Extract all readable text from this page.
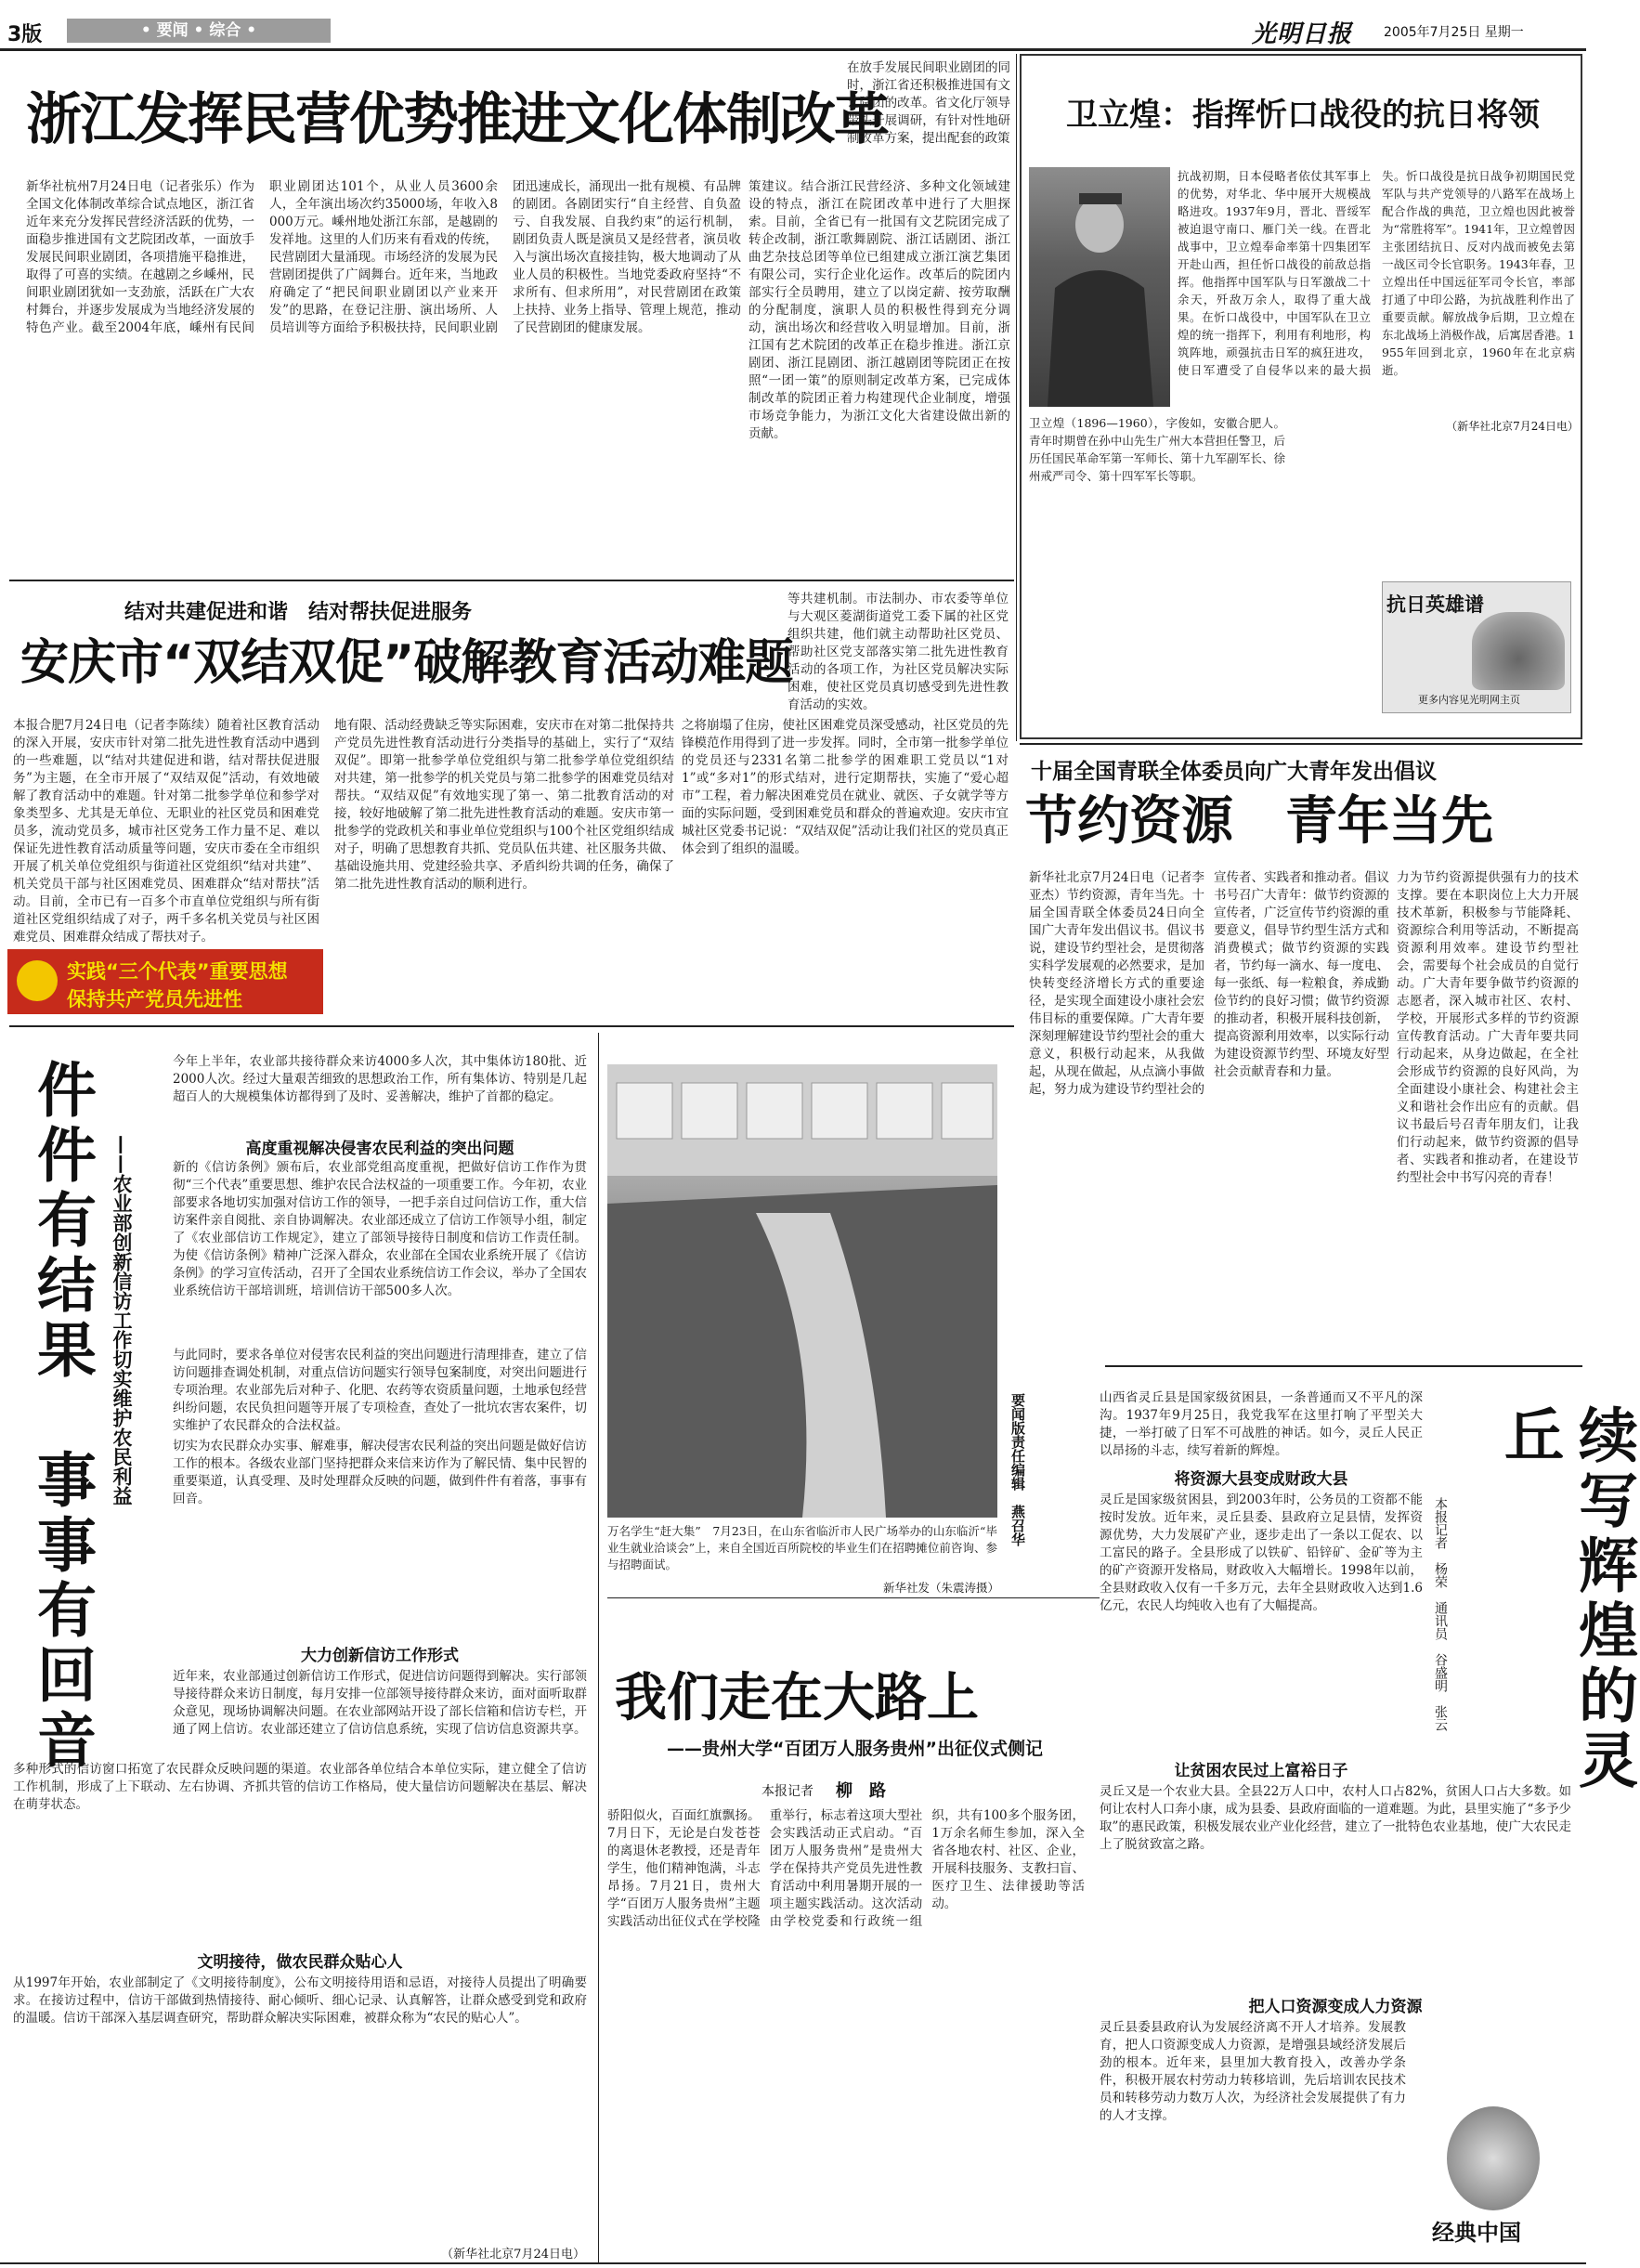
3版	• 要闻 • 综合 •	光明日报 2005年7月25日 星期一
浙江发挥民营优势推进文化体制改革
在放手发展民间职业剧团的同时，浙江省还积极推进国有文艺院团的改革。省文化厅领导带头开展调研，有针对性地研制改革方案，提出配套的政策
新华社杭州7月24日电（记者张乐）作为全国文化体制改革综合试点地区，浙江省近年来充分发挥民营经济活跃的优势，一面稳步推进国有文艺院团改革，一面放手发展民间职业剧团，各项措施平稳推进，取得了可喜的实绩。在越剧之乡嵊州，民间职业剧团犹如一支劲旅，活跃在广大农村舞台，并逐步发展成为当地经济发展的特色产业。截至2004年底，嵊州有民间职业剧团达101个，从业人员3600余人，全年演出场次约35000场，年收入8000万元。嵊州地处浙江东部，是越剧的发祥地。这里的人们历来有看戏的传统，民营剧团大量涌现。市场经济的发展为民营剧团提供了广阔舞台。近年来，当地政府确定了“把民间职业剧团以产业来开发”的思路，在登记注册、演出场所、人员培训等方面给予积极扶持，民间职业剧团迅速成长，涌现出一批有规模、有品牌的剧团。各剧团实行“自主经营、自负盈亏、自我发展、自我约束”的运行机制，剧团负责人既是演员又是经营者，演员收入与演出场次直接挂钩，极大地调动了从业人员的积极性。当地党委政府坚持“不求所有、但求所用”，对民营剧团在政策上扶持、业务上指导、管理上规范，推动了民营剧团的健康发展。
策建议。结合浙江民营经济、多种文化领域建设的特点，浙江在院团改革中进行了大胆探索。目前，全省已有一批国有文艺院团完成了转企改制，浙江歌舞剧院、浙江话剧团、浙江曲艺杂技总团等单位已组建成立浙江演艺集团有限公司，实行企业化运作。改革后的院团内部实行全员聘用，建立了以岗定薪、按劳取酬的分配制度，演职人员的积极性得到充分调动，演出场次和经营收入明显增加。目前，浙江国有艺术院团的改革正在稳步推进。浙江京剧团、浙江昆剧团、浙江越剧团等院团正在按照“一团一策”的原则制定改革方案，已完成体制改革的院团正着力构建现代企业制度，增强市场竞争能力，为浙江文化大省建设做出新的贡献。
卫立煌：指挥忻口战役的抗日将领
卫立煌（1896—1960），字俊如，安徽合肥人。青年时期曾在孙中山先生广州大本营担任警卫，后历任国民革命军第一军师长、第十九军副军长、徐州戒严司令、第十四军军长等职。
抗战初期，日本侵略者依仗其军事上的优势，对华北、华中展开大规模战略进攻。1937年9月，晋北、晋绥军被迫退守南口、雁门关一线。在晋北战事中，卫立煌奉命率第十四集团军开赴山西，担任忻口战役的前敌总指挥。他指挥中国军队与日军激战二十余天，歼敌万余人，取得了重大战果。在忻口战役中，中国军队在卫立煌的统一指挥下，利用有利地形，构筑阵地，顽强抗击日军的疯狂进攻，使日军遭受了自侵华以来的最大损失。忻口战役是抗日战争初期国民党军队与共产党领导的八路军在战场上配合作战的典范，卫立煌也因此被誉为“常胜将军”。1941年，卫立煌曾因主张团结抗日、反对内战而被免去第一战区司令长官职务。1943年春，卫立煌出任中国远征军司令长官，率部打通了中印公路，为抗战胜利作出了重要贡献。解放战争后期，卫立煌在东北战场上消极作战，后寓居香港。1955年回到北京，1960年在北京病逝。
（新华社北京7月24日电）
抗日英雄谱
更多内容见光明网主页
结对共建促进和谐　结对帮扶促进服务
安庆市“双结双促”破解教育活动难题
等共建机制。市法制办、市农委等单位与大观区菱湖街道党工委下属的社区党组织共建，他们就主动帮助社区党员、帮助社区党支部落实第二批先进性教育活动的各项工作，为社区党员解决实际困难，使社区党员真切感受到先进性教育活动的实效。
本报合肥7月24日电（记者李陈续）随着社区教育活动的深入开展，安庆市针对第二批先进性教育活动中遇到的一些难题，以“结对共建促进和谐，结对帮扶促进服务”为主题，在全市开展了“双结双促”活动，有效地破解了教育活动中的难题。针对第二批参学单位和参学对象类型多、尤其是无单位、无职业的社区党员和困难党员多，流动党员多，城市社区党务工作力量不足、难以保证先进性教育活动质量等问题，安庆市委在全市组织开展了机关单位党组织与街道社区党组织“结对共建”、机关党员干部与社区困难党员、困难群众“结对帮扶”活动。目前，全市已有一百多个市直单位党组织与所有街道社区党组织结成了对子，两千多名机关党员与社区困难党员、困难群众结成了帮扶对子。
实践“三个代表”重要思想
保持共产党员先进性
地有限、活动经费缺乏等实际困难，安庆市在对第二批保持共产党员先进性教育活动进行分类指导的基础上，实行了“双结双促”。即第一批参学单位党组织与第二批参学单位党组织结对共建，第一批参学的机关党员与第二批参学的困难党员结对帮扶。“双结双促”有效地实现了第一、第二批教育活动的对接，较好地破解了第二批先进性教育活动的难题。安庆市第一批参学的党政机关和事业单位党组织与100个社区党组织结成对子，明确了思想教育共抓、党员队伍共建、社区服务共做、基础设施共用、党建经验共享、矛盾纠纷共调的任务，确保了第二批先进性教育活动的顺利进行。
之将崩塌了住房，使社区困难党员深受感动，社区党员的先锋模范作用得到了进一步发挥。同时，全市第一批参学单位的党员还与2331名第二批参学的困难职工党员以“1对1”或“多对1”的形式结对，进行定期帮扶，实施了“爱心超市”工程，着力解决困难党员在就业、就医、子女就学等方面的实际问题，受到困难党员和群众的普遍欢迎。安庆市宜城社区党委书记说：“双结双促”活动让我们社区的党员真正体会到了组织的温暖。
十届全国青联全体委员向广大青年发出倡议
节约资源　青年当先
新华社北京7月24日电（记者李亚杰）节约资源，青年当先。十届全国青联全体委员24日向全国广大青年发出倡议书。倡议书说，建设节约型社会，是贯彻落实科学发展观的必然要求，是加快转变经济增长方式的重要途径，是实现全面建设小康社会宏伟目标的重要保障。广大青年要深刻理解建设节约型社会的重大意义，积极行动起来，从我做起，从现在做起，从点滴小事做起，努力成为建设节约型社会的宣传者、实践者和推动者。倡议书号召广大青年：做节约资源的宣传者，广泛宣传节约资源的重要意义，倡导节约型生活方式和消费模式；做节约资源的实践者，节约每一滴水、每一度电、每一张纸、每一粒粮食，养成勤俭节约的良好习惯；做节约资源的推动者，积极开展科技创新，提高资源利用效率，以实际行动为建设资源节约型、环境友好型社会贡献青春和力量。
力为节约资源提供强有力的技术支撑。要在本职岗位上大力开展技术革新，积极参与节能降耗、资源综合利用等活动，不断提高资源利用效率。建设节约型社会，需要每个社会成员的自觉行动。广大青年要争做节约资源的志愿者，深入城市社区、农村、学校，开展形式多样的节约资源宣传教育活动。广大青年要共同行动起来，从身边做起，在全社会形成节约资源的良好风尚，为全面建设小康社会、构建社会主义和谐社会作出应有的贡献。倡议书最后号召青年朋友们，让我们行动起来，做节约资源的倡导者、实践者和推动者，在建设节约型社会中书写闪亮的青春！
件件有结果　事事有回音 ——农业部创新信访工作切实维护农民利益
今年上半年，农业部共接待群众来访4000多人次，其中集体访180批、近2000人次。经过大量艰苦细致的思想政治工作，所有集体访、特别是几起超百人的大规模集体访都得到了及时、妥善解决，维护了首都的稳定。
高度重视解决侵害农民利益的突出问题
新的《信访条例》颁布后，农业部党组高度重视，把做好信访工作作为贯彻“三个代表”重要思想、维护农民合法权益的一项重要工作。今年初，农业部要求各地切实加强对信访工作的领导，一把手亲自过问信访工作，重大信访案件亲自阅批、亲自协调解决。农业部还成立了信访工作领导小组，制定了《农业部信访工作规定》，建立了部领导接待日制度和信访工作责任制。为使《信访条例》精神广泛深入群众，农业部在全国农业系统开展了《信访条例》的学习宣传活动，召开了全国农业系统信访工作会议，举办了全国农业系统信访干部培训班，培训信访干部500多人次。
与此同时，要求各单位对侵害农民利益的突出问题进行清理排查，建立了信访问题排查调处机制，对重点信访问题实行领导包案制度，对突出问题进行专项治理。农业部先后对种子、化肥、农药等农资质量问题，土地承包经营纠纷问题，农民负担问题等开展了专项检查，查处了一批坑农害农案件，切实维护了农民群众的合法权益。
切实为农民群众办实事、解难事，解决侵害农民利益的突出问题是做好信访工作的根本。各级农业部门坚持把群众来信来访作为了解民情、集中民智的重要渠道，认真受理、及时处理群众反映的问题，做到件件有着落，事事有回音。
大力创新信访工作形式
近年来，农业部通过创新信访工作形式，促进信访问题得到解决。实行部领导接待群众来访日制度，每月安排一位部领导接待群众来访，面对面听取群众意见，现场协调解决问题。在农业部网站开设了部长信箱和信访专栏，开通了网上信访。农业部还建立了信访信息系统，实现了信访信息资源共享。
多种形式的信访窗口拓宽了农民群众反映问题的渠道。农业部各单位结合本单位实际，建立健全了信访工作机制，形成了上下联动、左右协调、齐抓共管的信访工作格局，使大量信访问题解决在基层、解决在萌芽状态。
文明接待，做农民群众贴心人
从1997年开始，农业部制定了《文明接待制度》，公布文明接待用语和忌语，对接待人员提出了明确要求。在接访过程中，信访干部做到热情接待、耐心倾听、细心记录、认真解答，让群众感受到党和政府的温暖。信访干部深入基层调查研究，帮助群众解决实际困难，被群众称为“农民的贴心人”。
（新华社北京7月24日电）
万名学生“赶大集”　7月23日，在山东省临沂市人民广场举办的山东临沂“毕业生就业洽谈会”上，来自全国近百所院校的毕业生们在招聘摊位前咨询、参与招聘面试。
新华社发（朱震涛摄）
要闻版责任编辑　燕召华
我们走在大路上
——贵州大学“百团万人服务贵州”出征仪式侧记
本报记者 柳　路
骄阳似火，百面红旗飘扬。7月日下，无论是白发苍苍的离退休老教授，还是青年学生，他们精神饱满，斗志昂扬。7月21日，贵州大学“百团万人服务贵州”主题实践活动出征仪式在学校隆重举行，标志着这项大型社会实践活动正式启动。“百团万人服务贵州”是贵州大学在保持共产党员先进性教育活动中利用暑期开展的一项主题实践活动。这次活动由学校党委和行政统一组织，共有100多个服务团，1万余名师生参加，深入全省各地农村、社区、企业，开展科技服务、支教扫盲、医疗卫生、法律援助等活动。
山西省灵丘县是国家级贫困县，一条普通而又不平凡的深沟。1937年9月25日，我党我军在这里打响了平型关大捷，一举打破了日军不可战胜的神话。如今，灵丘人民正以昂扬的斗志，续写着新的辉煌。
将资源大县变成财政大县
灵丘是国家级贫困县，到2003年时，公务员的工资都不能按时发放。近年来，灵丘县委、县政府立足县情，发挥资源优势，大力发展矿产业，逐步走出了一条以工促农、以工富民的路子。全县形成了以铁矿、铅锌矿、金矿等为主的矿产资源开发格局，财政收入大幅增长。1998年以前，全县财政收入仅有一千多万元，去年全县财政收入达到1.6亿元，农民人均纯收入也有了大幅提高。
让贫困农民过上富裕日子
灵丘又是一个农业大县。全县22万人口中，农村人口占82%，贫困人口占大多数。如何让农村人口奔小康，成为县委、县政府面临的一道难题。为此，县里实施了“多予少取”的惠民政策，积极发展农业产业化经营，建立了一批特色农业基地，使广大农民走上了脱贫致富之路。
把人口资源变成人力资源
灵丘县委县政府认为发展经济离不开人才培养。发展教育，把人口资源变成人力资源，是增强县域经济发展后劲的根本。近年来，县里加大教育投入，改善办学条件，积极开展农村劳动力转移培训，先后培训农民技术员和转移劳动力数万人次，为经济社会发展提供了有力的人才支撑。
本报记者　杨荣　通讯员　谷盛明　张云	续写辉煌的灵丘
经典中国
